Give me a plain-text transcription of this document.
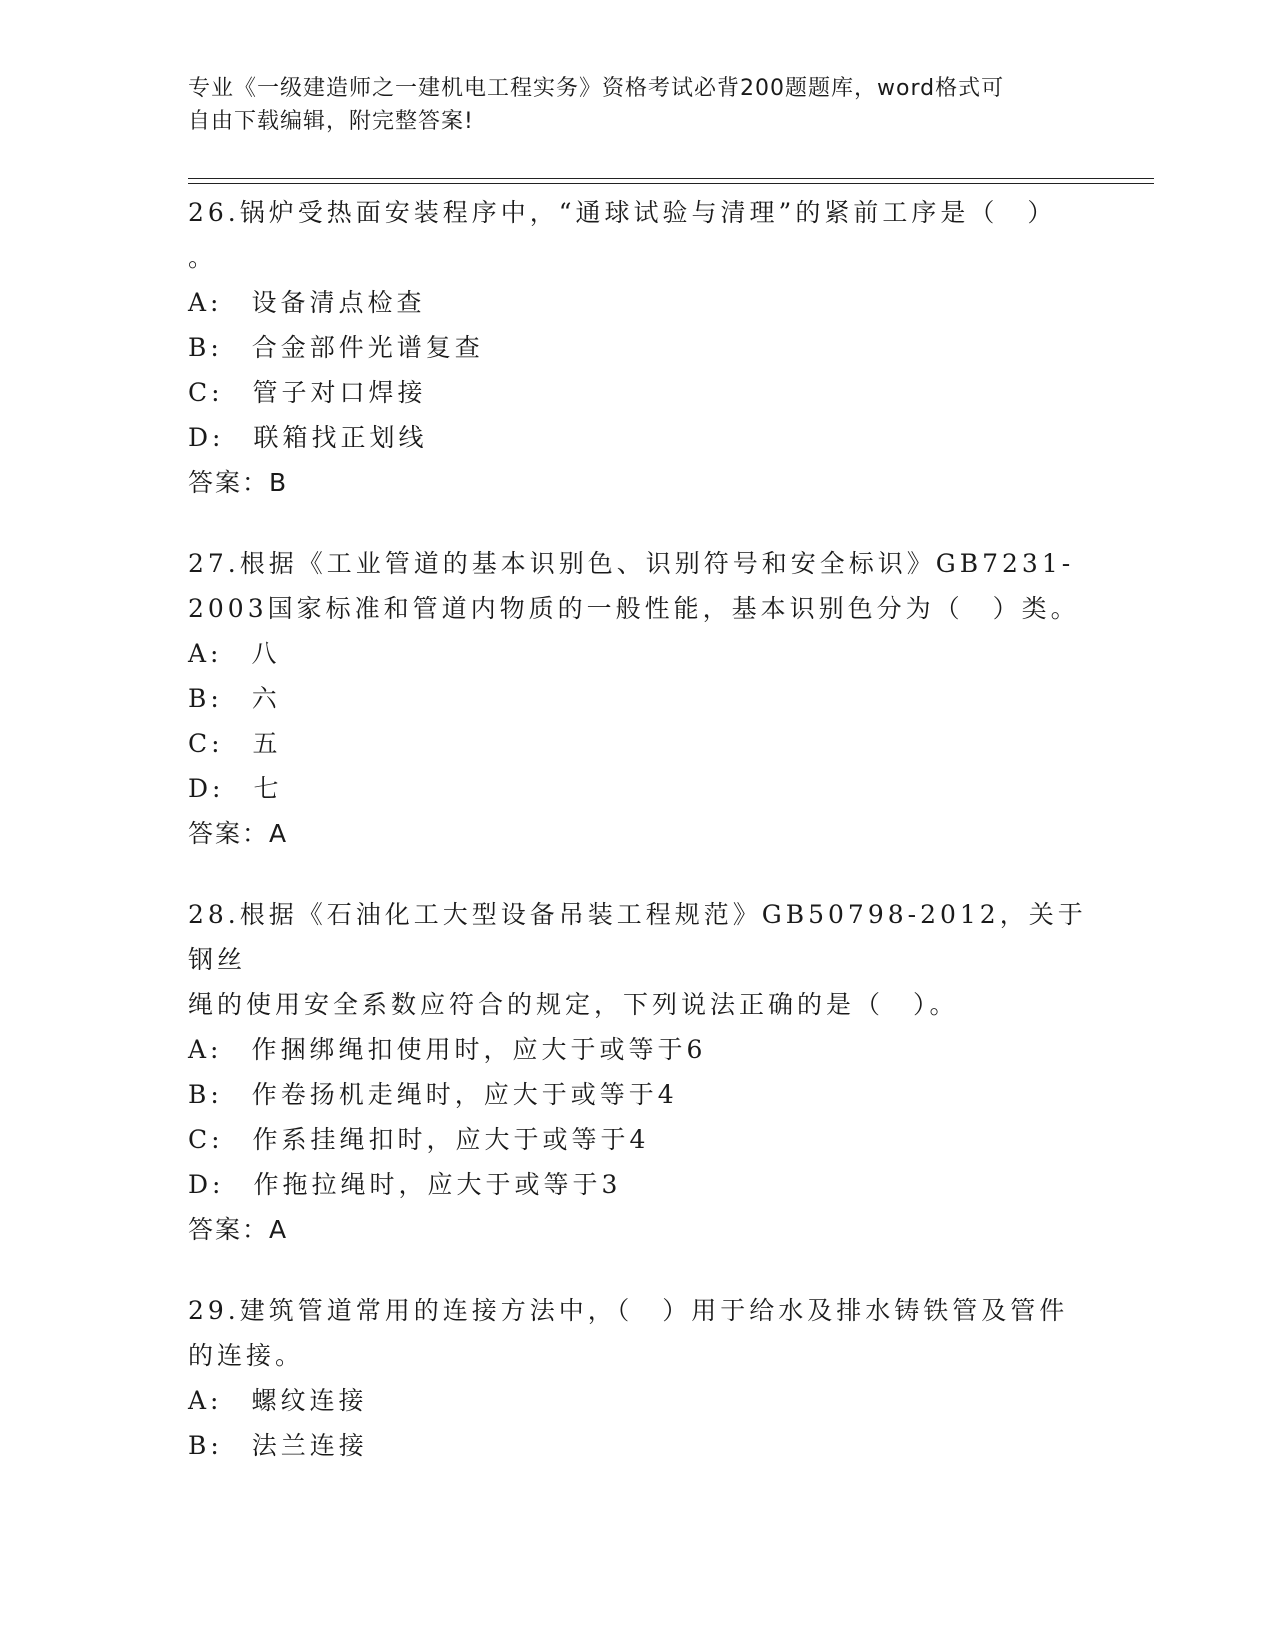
专业《一级建造师之一建机电工程实务》资格考试必背200题题库，word格式可
自由下载编辑，附完整答案!

26.锅炉受热面安装程序中，“通球试验与清理”的紧前工序是（　）

。

A:　设备清点检查

B:　合金部件光谱复查

C:　管子对口焊接

D:　联箱找正划线

答案：B

27.根据《工业管道的基本识别色、识别符号和安全标识》GB7231-

2003国家标准和管道内物质的一般性能，基本识别色分为（　）类。

A:　八

B:　六

C:　五

D:　七

答案：A

28.根据《石油化工大型设备吊装工程规范》GB50798-2012，关于钢丝

绳的使用安全系数应符合的规定，下列说法正确的是（　）。

A:　作捆绑绳扣使用时，应大于或等于6

B:　作卷扬机走绳时，应大于或等于4

C:　作系挂绳扣时，应大于或等于4

D:　作拖拉绳时，应大于或等于3

答案：A

29.建筑管道常用的连接方法中，（　）用于给水及排水铸铁管及管件

的连接。

A:　螺纹连接

B:　法兰连接
